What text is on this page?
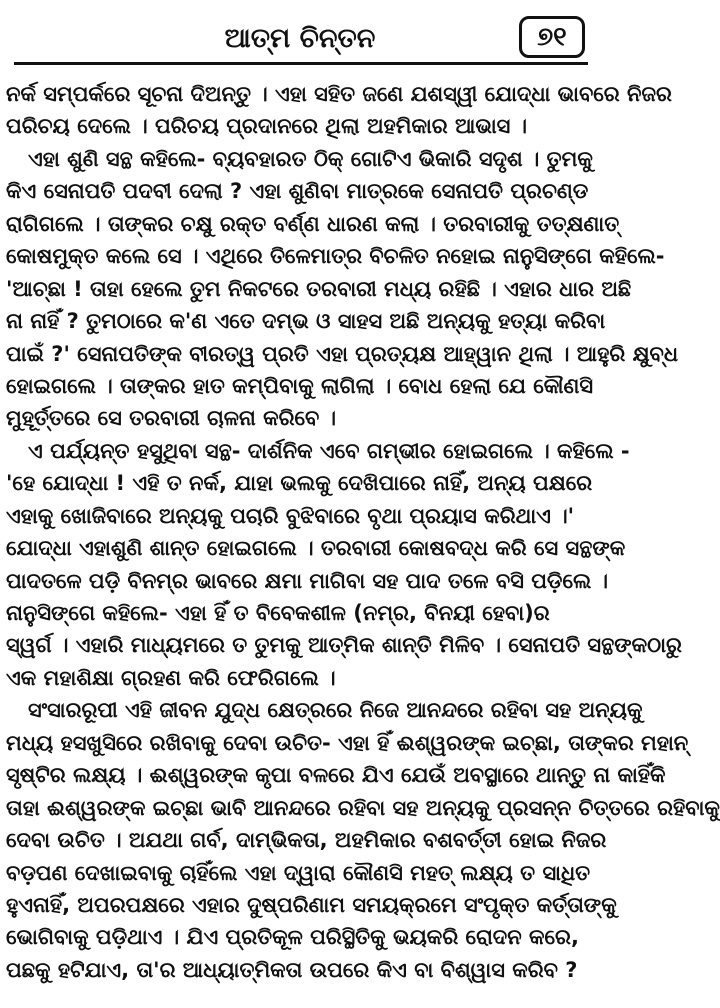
ଆତ୍ମ ଚିନ୍ତନ	୭୧
ନର୍କ ସମ୍ପର୍କରେ ସୂଚନା ଦିଅନ୍ତୁ । ଏହା ସହିତ ଜଣେ ଯଶସ୍ୱୀ ଯୋଦ୍ଧା ଭାବରେ ନିଜର
ପରିଚୟ ଦେଲେ । ପରିଚୟ ପ୍ରଦାନରେ ଥିଲା ଅହମିକାର ଆଭାସ ।
ଏହା ଶୁଣି ସନ୍ଥ କହିଲେ- ବ୍ୟବହାରତ ଠିକ୍ ଗୋଟିଏ ଭିକାରି ସଦୃଶ । ତୁମକୁ
କିଏ ସେନାପତି ପଦବୀ ଦେଲା ? ଏହା ଶୁଣିବା ମାତ୍ରକେ ସେନାପତି ପ୍ରଚଣ୍ଡ
ରାଗିଗଲେ । ତାଙ୍କର ଚକ୍ଷୁ ରକ୍ତ ବର୍ଣ୍ଣ ଧାରଣ କଲା । ତରବାରୀକୁ ତତ୍କ୍ଷଣାତ୍
କୋଷମୁକ୍ତ କଲେ ସେ । ଏଥିରେ ତିଳେମାତ୍ର ବିଚଳିତ ନହୋଇ ନାନୁସିଙ୍ଗେ କହିଲେ-
'ଆଚ୍ଛା ! ତାହା ହେଲେ ତୁମ ନିକଟରେ ତରବାରୀ ମଧ୍ୟ ରହିଛି । ଏହାର ଧାର ଅଛି
ନା ନାହିଁ ? ତୁମଠାରେ କ'ଣ ଏତେ ଦମ୍ଭ ଓ ସାହସ ଅଛି ଅନ୍ୟକୁ ହତ୍ୟା କରିବା
ପାଇଁ ?' ସେନାପତିଙ୍କ ବୀରତ୍ୱ ପ୍ରତି ଏହା ପ୍ରତ୍ୟକ୍ଷ ଆହ୍ୱାନ ଥିଲା । ଆହୁରି କ୍ଷୁବ୍ଧ
ହୋଇଗଲେ । ତାଙ୍କର ହାତ କମ୍ପିବାକୁ ଲାଗିଲା । ବୋଧ ହେଲା ଯେ କୌଣସି
ମୁହୂର୍ତ୍ତରେ ସେ ତରବାରୀ ଚାଳନା କରିବେ ।
ଏ ପର୍ଯ୍ୟନ୍ତ ହସୁଥିବା ସନ୍ଥ- ଦାର୍ଶନିକ ଏବେ ଗମ୍ଭୀର ହୋଇଗଲେ । କହିଲେ -
'ହେ ଯୋଦ୍ଧା ! ଏହି ତ ନର୍କ, ଯାହା ଭଲକୁ ଦେଖିପାରେ ନାହିଁ, ଅନ୍ୟ ପକ୍ଷରେ
ଏହାକୁ ଖୋଜିବାରେ ଅନ୍ୟକୁ ପଚାରି ବୁଝିବାରେ ବୃଥା ପ୍ରୟାସ କରିଥାଏ ।'
ଯୋଦ୍ଧା ଏହାଶୁଣି ଶାନ୍ତ ହୋଇଗଲେ । ତରବାରୀ କୋଷବଦ୍ଧ କରି ସେ ସନ୍ଥଙ୍କ
ପାଦତଳେ ପଡ଼ି ବିନମ୍ର ଭାବରେ କ୍ଷମା ମାଗିବା ସହ ପାଦ ତଳେ ବସି ପଡ଼ିଲେ ।
ନାନୁସିଙ୍ଗେ କହିଲେ- ଏହା ହିଁ ତ ବିବେକଶୀଳ (ନମ୍ର, ବିନୟୀ ହେବା)ର
ସ୍ୱର୍ଗ । ଏହାରି ମାଧ୍ୟମରେ ତ ତୁମକୁ ଆତ୍ମିକ ଶାନ୍ତି ମିଳିବ । ସେନାପତି ସନ୍ଥଙ୍କଠାରୁ
ଏକ ମହାଶିକ୍ଷା ଗ୍ରହଣ କରି ଫେରିଗଲେ ।
ସଂସାରରୂପୀ ଏହି ଜୀବନ ଯୁଦ୍ଧ କ୍ଷେତ୍ରରେ ନିଜେ ଆନନ୍ଦରେ ରହିବା ସହ ଅନ୍ୟକୁ
ମଧ୍ୟ ହସଖୁସିରେ ରଖିବାକୁ ଦେବା ଉଚିତ- ଏହା ହିଁ ଈଶ୍ୱରଙ୍କ ଇଚ୍ଛା, ତାଙ୍କର ମହାନ୍
ସୃଷ୍ଟିର ଲକ୍ଷ୍ୟ । ଈଶ୍ୱରଙ୍କ କୃପା ବଳରେ ଯିଏ ଯେଉଁ ଅବସ୍ଥାରେ ଥାନ୍ତୁ ନା କାହିଁକି
ତାହା ଈଶ୍ୱରଙ୍କ ଇଚ୍ଛା ଭାବି ଆନନ୍ଦରେ ରହିବା ସହ ଅନ୍ୟକୁ ପ୍ରସନ୍ନ ଚିତ୍ତରେ ରହିବାକୁ
ଦେବା ଉଚିତ । ଅଯଥା ଗର୍ବ, ଦାମ୍ଭିକତା, ଅହମିକାର ବଶବର୍ତ୍ତୀ ହୋଇ ନିଜର
ବଡ଼ପଣ ଦେଖାଇବାକୁ ଚାହିଁଲେ ଏହା ଦ୍ୱାରା କୌଣସି ମହତ୍ ଲକ୍ଷ୍ୟ ତ ସାଧିତ
ହୁଏନାହିଁ, ଅପରପକ୍ଷରେ ଏହାର ଦୁଷ୍ପରିଣାମ ସମୟକ୍ରମେ ସଂପୃକ୍ତ କର୍ତ୍ତାଙ୍କୁ
ଭୋଗିବାକୁ ପଡ଼ିଥାଏ । ଯିଏ ପ୍ରତିକୂଳ ପରିସ୍ଥିତିକୁ ଭୟକରି ରୋଦନ କରେ,
ପଛକୁ ହଟିଯାଏ, ତା'ର ଆଧ୍ୟାତ୍ମିକତା ଉପରେ କିଏ ବା ବିଶ୍ୱାସ କରିବ ?
